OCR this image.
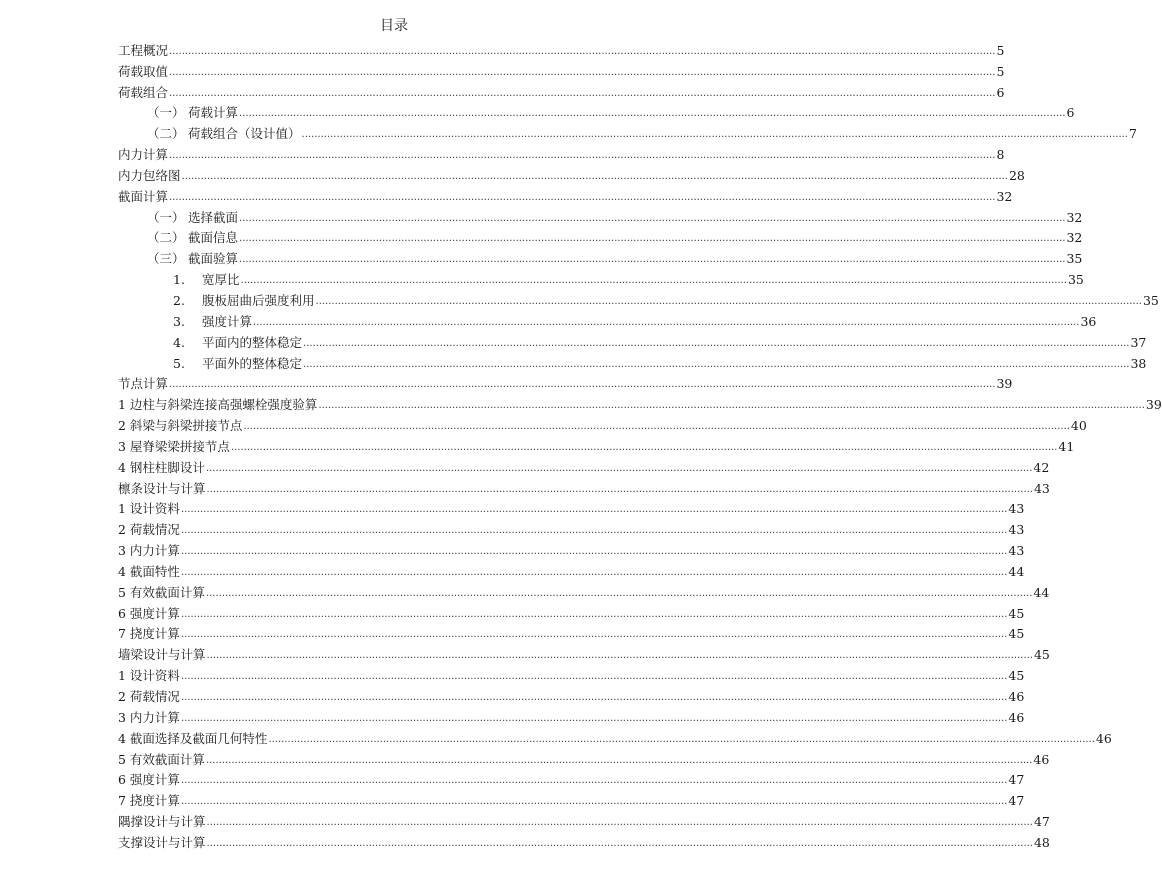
目录
工程概况 .................................................................................................................................................................................................................................................................... 5
荷载取值 .................................................................................................................................................................................................................................................................... 5
荷载组合 .................................................................................................................................................................................................................................................................... 6
（一） 荷载计算 .................................................................................................................................................................................................................................................................... 6
（二） 荷载组合（设计值） .................................................................................................................................................................................................................................................................... 7
内力计算 .................................................................................................................................................................................................................................................................... 8
内力包络图 .................................................................................................................................................................................................................................................................... 28
截面计算 .................................................................................................................................................................................................................................................................... 32
（一） 选择截面 .................................................................................................................................................................................................................................................................... 32
（二） 截面信息 .................................................................................................................................................................................................................................................................... 32
（三） 截面验算 .................................................................................................................................................................................................................................................................... 35
1.	宽厚比 .................................................................................................................................................................................................................................................................... 35
2.	腹板屈曲后强度利用 .................................................................................................................................................................................................................................................................... 35
3.	强度计算 .................................................................................................................................................................................................................................................................... 36
4.	平面内的整体稳定 .................................................................................................................................................................................................................................................................... 37
5.	平面外的整体稳定 .................................................................................................................................................................................................................................................................... 38
节点计算 .................................................................................................................................................................................................................................................................... 39
1 边柱与斜梁连接高强螺栓强度验算 .................................................................................................................................................................................................................................................................... 39
2 斜梁与斜梁拼接节点 .................................................................................................................................................................................................................................................................... 40
3 屋脊梁梁拼接节点 .................................................................................................................................................................................................................................................................... 41
4 钢柱柱脚设计 .................................................................................................................................................................................................................................................................... 42
檩条设计与计算 .................................................................................................................................................................................................................................................................... 43
1 设计资料 .................................................................................................................................................................................................................................................................... 43
2 荷载情况 .................................................................................................................................................................................................................................................................... 43
3 内力计算 .................................................................................................................................................................................................................................................................... 43
4 截面特性 .................................................................................................................................................................................................................................................................... 44
5 有效截面计算 .................................................................................................................................................................................................................................................................... 44
6 强度计算 .................................................................................................................................................................................................................................................................... 45
7 挠度计算 .................................................................................................................................................................................................................................................................... 45
墙梁设计与计算 .................................................................................................................................................................................................................................................................... 45
1 设计资料 .................................................................................................................................................................................................................................................................... 45
2 荷载情况 .................................................................................................................................................................................................................................................................... 46
3 内力计算 .................................................................................................................................................................................................................................................................... 46
4 截面选择及截面几何特性 .................................................................................................................................................................................................................................................................... 46
5 有效截面计算 .................................................................................................................................................................................................................................................................... 46
6 强度计算 .................................................................................................................................................................................................................................................................... 47
7 挠度计算 .................................................................................................................................................................................................................................................................... 47
隅撑设计与计算 .................................................................................................................................................................................................................................................................... 47
支撑设计与计算 .................................................................................................................................................................................................................................................................... 48
